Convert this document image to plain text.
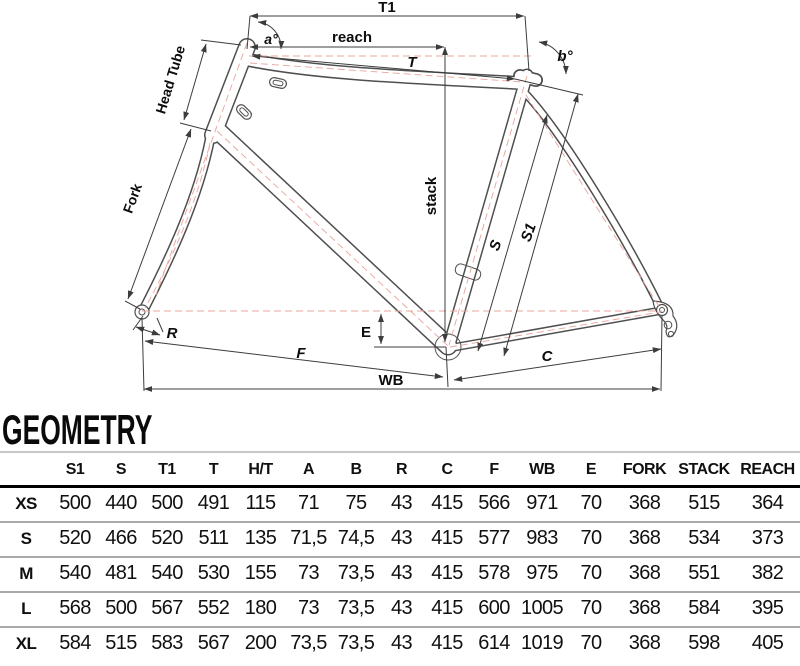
T1
reach
T
a°
b°
Head Tube
Fork	stack
S
S1
R	E
F	C
WB
GEOMETRY
	S1	S	T1	T	H/T	A	B	R	C	F	WB	E	FORK	STACK	REACH
XS	500	440	500	491	115	71	75	43	415	566	971	70	368	515	364
S	520	466	520	511	135	71,5	74,5	43	415	577	983	70	368	534	373
M	540	481	540	530	155	73	73,5	43	415	578	975	70	368	551	382
L	568	500	567	552	180	73	73,5	43	415	600	1005	70	368	584	395
XL	584	515	583	567	200	73,5	73,5	43	415	614	1019	70	368	598	405
